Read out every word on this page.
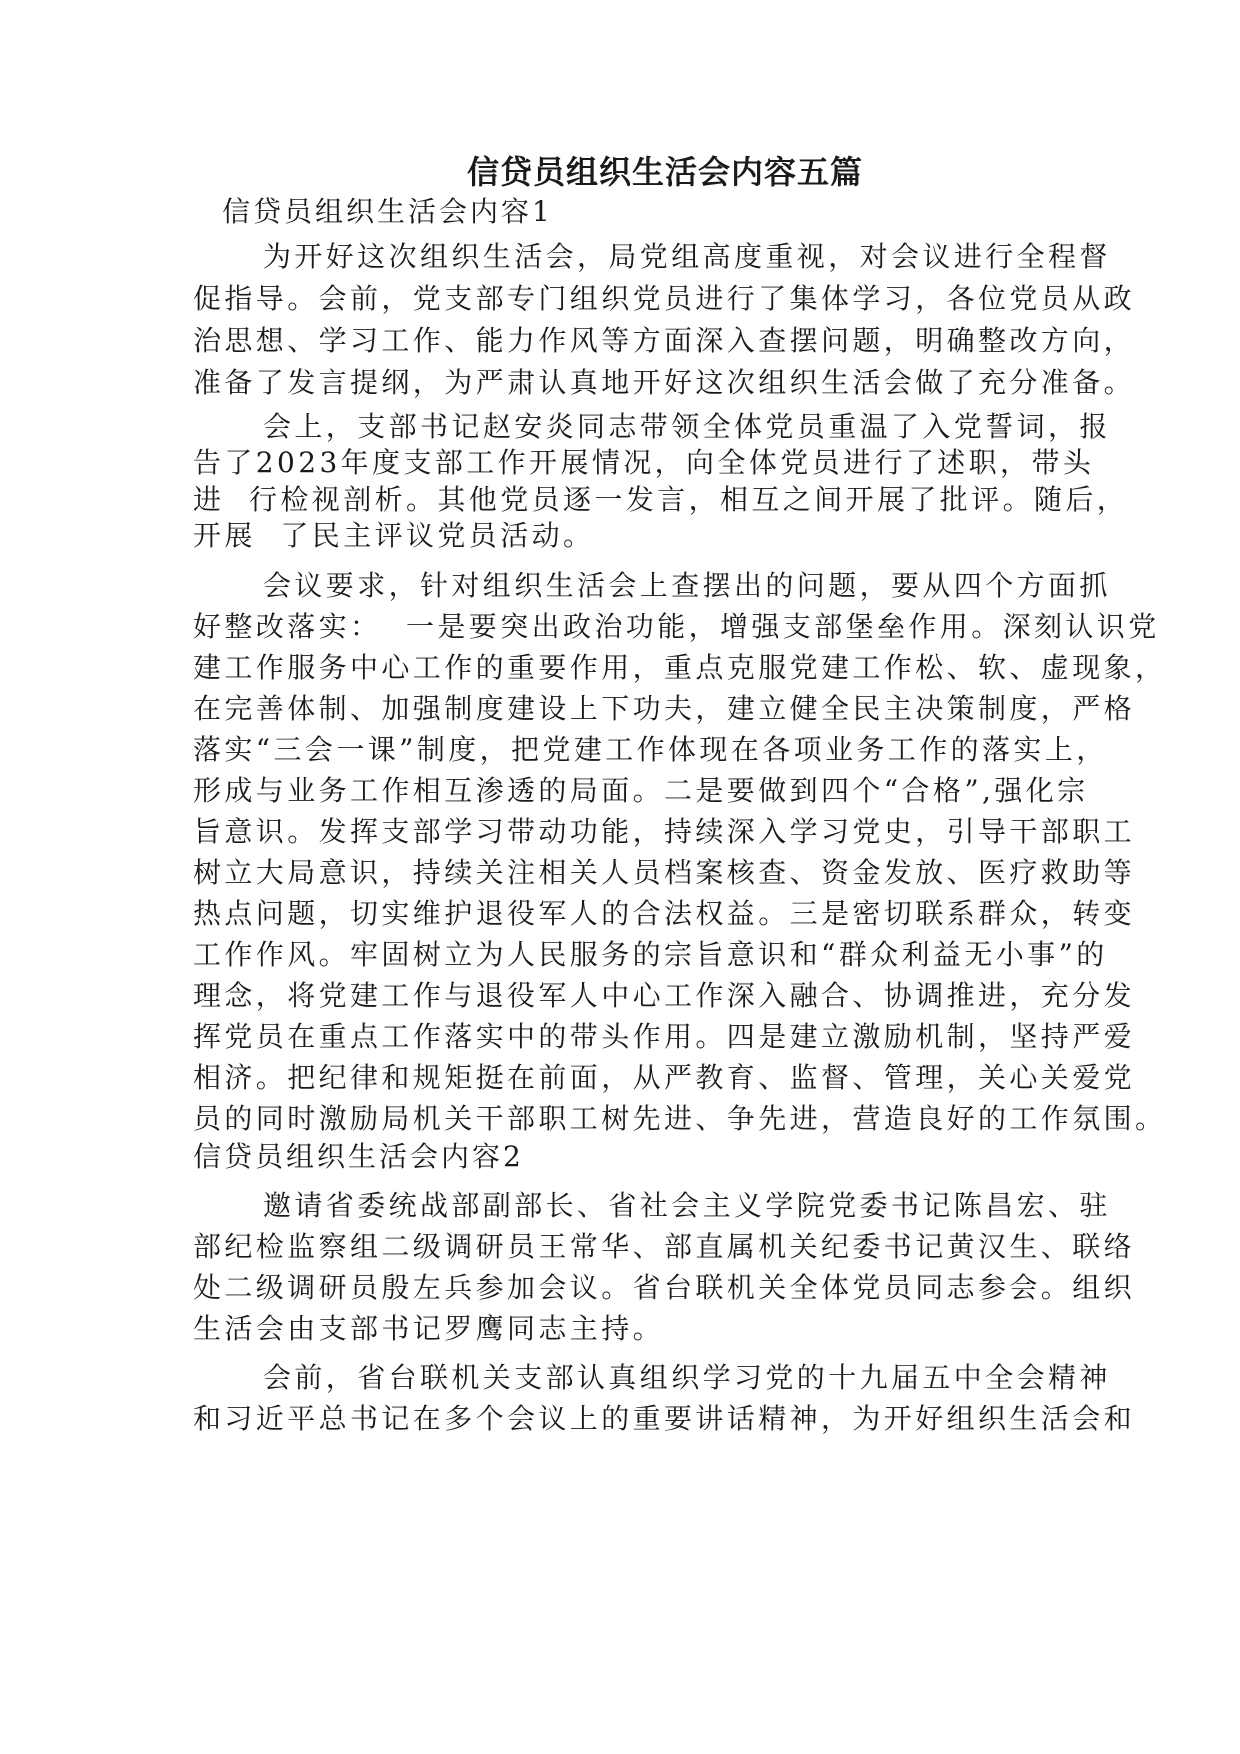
信贷员组织生活会内容五篇
信贷员组织生活会内容1
为开好这次组织生活会，局党组高度重视，对会议进行全程督
促指导。会前，党支部专门组织党员进行了集体学习，各位党员从政
治思想、学习工作、能力作风等方面深入查摆问题，明确整改方向，
准备了发言提纲，为严肃认真地开好这次组织生活会做了充分准备。
会上，支部书记赵安炎同志带领全体党员重温了入党誓词，报
告了2023年度支部工作开展情况，向全体党员进行了述职，带头
进  行检视剖析。其他党员逐一发言，相互之间开展了批评。随后，
开展  了民主评议党员活动。
会议要求，针对组织生活会上查摆出的问题，要从四个方面抓
好整改落实：  一是要突出政治功能，增强支部堡垒作用。深刻认识党
建工作服务中心工作的重要作用，重点克服党建工作松、软、虚现象，
在完善体制、加强制度建设上下功夫，建立健全民主决策制度，严格
落实“三会一课”制度，把党建工作体现在各项业务工作的落实上，
形成与业务工作相互渗透的局面。二是要做到四个“合格”,强化宗
旨意识。发挥支部学习带动功能，持续深入学习党史，引导干部职工
树立大局意识，持续关注相关人员档案核查、资金发放、医疗救助等
热点问题，切实维护退役军人的合法权益。三是密切联系群众，转变
工作作风。牢固树立为人民服务的宗旨意识和“群众利益无小事”的
理念，将党建工作与退役军人中心工作深入融合、协调推进，充分发
挥党员在重点工作落实中的带头作用。四是建立激励机制，坚持严爱
相济。把纪律和规矩挺在前面，从严教育、监督、管理，关心关爱党
员的同时激励局机关干部职工树先进、争先进，营造良好的工作氛围。
信贷员组织生活会内容2
邀请省委统战部副部长、省社会主义学院党委书记陈昌宏、驻
部纪检监察组二级调研员王常华、部直属机关纪委书记黄汉生、联络
处二级调研员殷左兵参加会议。省台联机关全体党员同志参会。组织
生活会由支部书记罗鹰同志主持。
会前，省台联机关支部认真组织学习党的十九届五中全会精神
和习近平总书记在多个会议上的重要讲话精神，为开好组织生活会和
